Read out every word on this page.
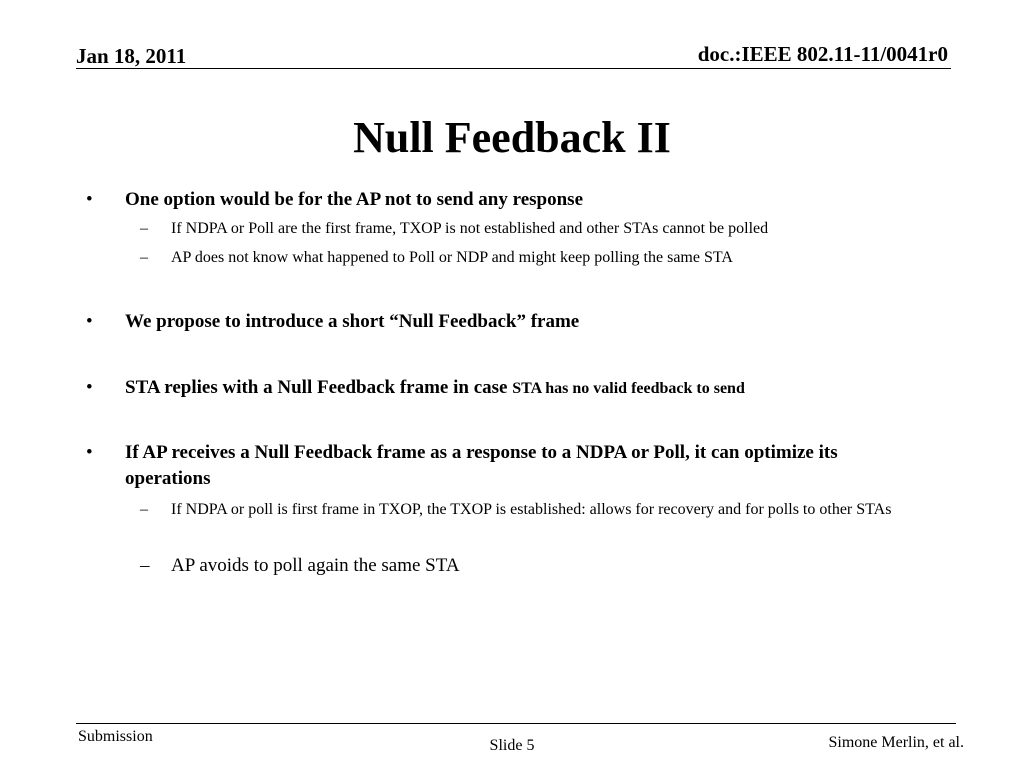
Jan 18, 2011	doc.:IEEE 802.11-11/0041r0
Null Feedback II
• One option would be for the AP not to send any response
– If NDPA or Poll are the first frame, TXOP is not established and other STAs cannot be polled
– AP does not know what happened to Poll or NDP and might keep polling the same STA
• We propose to introduce a short “Null Feedback” frame
• STA replies with a Null Feedback frame in case STA has no valid feedback to send
• If AP receives a Null Feedback frame as a response to a NDPA or Poll, it can optimize its operations
– If NDPA or poll is first frame in TXOP, the TXOP is established: allows for recovery and for polls to other STAs
– AP avoids to poll again the same STA
Submission
Slide 5	Simone Merlin, et al.
